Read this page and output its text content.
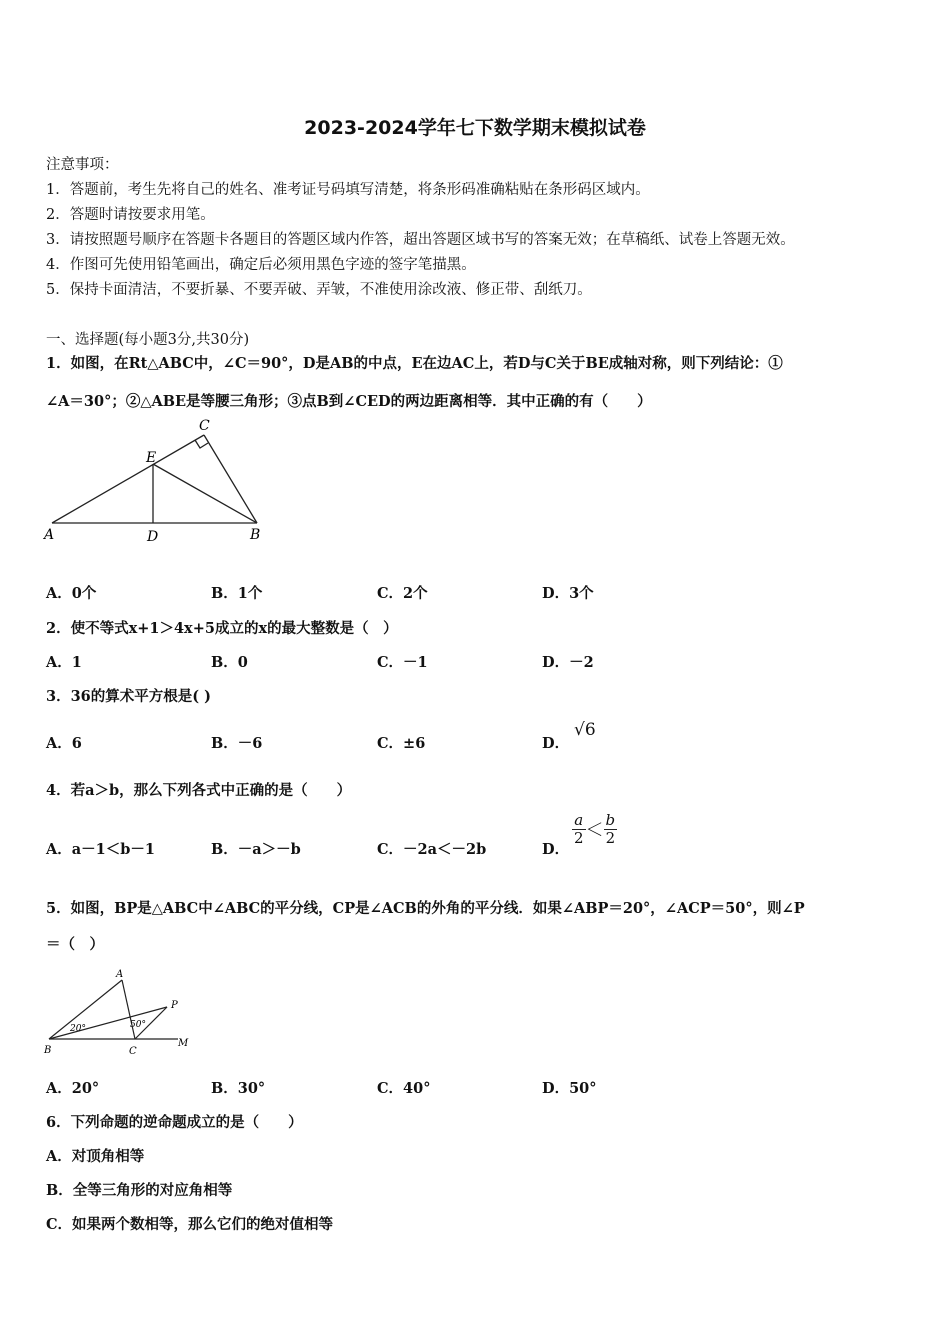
2023-2024学年七下数学期末模拟试卷
注意事项：
1．答题前，考生先将自己的姓名、准考证号码填写清楚，将条形码准确粘贴在条形码区域内。
2．答题时请按要求用笔。
3．请按照题号顺序在答题卡各题目的答题区域内作答，超出答题区域书写的答案无效；在草稿纸、试卷上答题无效。
4．作图可先使用铅笔画出，确定后必须用黑色字迹的签字笔描黑。
5．保持卡面清洁，不要折暴、不要弄破、弄皱，不准使用涂改液、修正带、刮纸刀。
一、选择题(每小题3分,共30分)
1．如图，在Rt△ABC中，∠C＝90°，D是AB的中点，E在边AC上，若D与C关于BE成轴对称，则下列结论：①
∠A＝30°；②△ABE是等腰三角形；③点B到∠CED的两边距离相等．其中正确的有（　　）
C
E
A	D	B
A．0个	B．1个	C．2个	D．3个
2．使不等式x+1＞4x+5成立的x的最大整数是（　）
A．1	B．0	C．－1	D．－2
3．36的算术平方根是( )
A．6	B．－6	C．±6	D．
√6
4．若a＞b，那么下列各式中正确的是（　　）
A．a－1＜b－1	B．－a＞－b	C．－2a＜－2b	D．
$\frac{a}{2} < \frac{b}{2}$
5．如图，BP是△ABC中∠ABC的平分线，CP是∠ACB的外角的平分线．如果∠ABP＝20°，∠ACP＝50°，则∠P
＝（　）
A
P
B	C
M
20°	50°
A．20°	B．30°	C．40°	D．50°
6．下列命题的逆命题成立的是（　　）
A．对顶角相等
B．全等三角形的对应角相等
C．如果两个数相等，那么它们的绝对值相等
